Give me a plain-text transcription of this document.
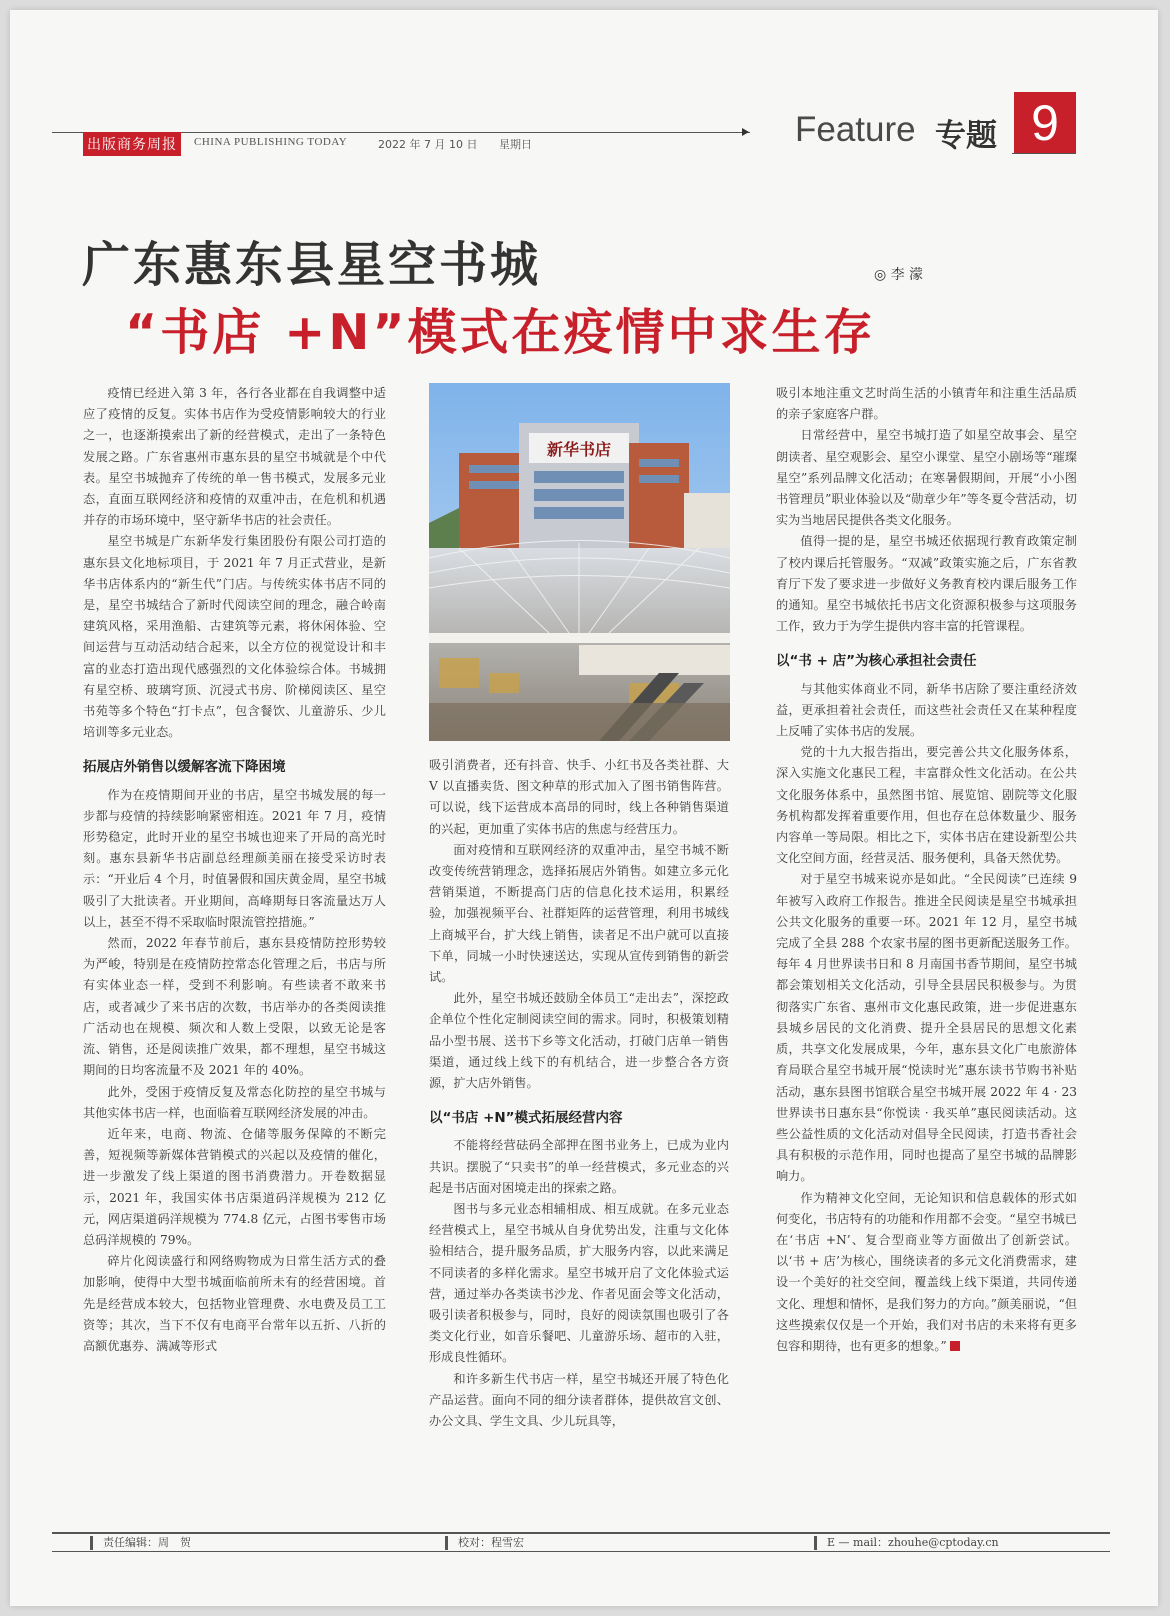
出版商务周报	CHINA PUBLISHING TODAY	2022 年 7 月 10 日 星期日	Feature 专题 9
广东惠东县星空书城
“书店 +N”模式在疫情中求生存
◎ 李 濛

疫情已经进入第 3 年，各行各业都在自我调整中适应了疫情的反复。实体书店作为受疫情影响较大的行业之一，也逐渐摸索出了新的经营模式，走出了一条特色发展之路。广东省惠州市惠东县的星空书城就是个中代表。星空书城抛弃了传统的单一售书模式，发展多元业态，直面互联网经济和疫情的双重冲击，在危机和机遇并存的市场环境中，坚守新华书店的社会责任。

星空书城是广东新华发行集团股份有限公司打造的惠东县文化地标项目，于 2021 年 7 月正式营业，是新华书店体系内的“新生代”门店。与传统实体书店不同的是，星空书城结合了新时代阅读空间的理念，融合岭南建筑风格，采用渔船、古建筑等元素，将休闲体验、空间运营与互动活动结合起来，以全方位的视觉设计和丰富的业态打造出现代感强烈的文化体验综合体。书城拥有星空桥、玻璃穹顶、沉浸式书房、阶梯阅读区、星空书苑等多个特色“打卡点”，包含餐饮、儿童游乐、少儿培训等多元业态。

拓展店外销售以缓解客流下降困境

作为在疫情期间开业的书店，星空书城发展的每一步都与疫情的持续影响紧密相连。2021 年 7 月，疫情形势稳定，此时开业的星空书城也迎来了开局的高光时刻。惠东县新华书店副总经理颜美丽在接受采访时表示：“开业后 4 个月，时值暑假和国庆黄金周，星空书城吸引了大批读者。开业期间，高峰期每日客流量达万人以上，甚至不得不采取临时限流管控措施。”

然而，2022 年春节前后，惠东县疫情防控形势较为严峻，特别是在疫情防控常态化管理之后，书店与所有实体业态一样，受到不利影响。有些读者不敢来书店，或者减少了来书店的次数，书店举办的各类阅读推广活动也在规模、频次和人数上受限，以致无论是客流、销售，还是阅读推广效果，都不理想，星空书城这期间的日均客流量不及 2021 年的 40%。

此外，受困于疫情反复及常态化防控的星空书城与其他实体书店一样，也面临着互联网经济发展的冲击。

近年来，电商、物流、仓储等服务保障的不断完善，短视频等新媒体营销模式的兴起以及疫情的催化，进一步激发了线上渠道的图书消费潜力。开卷数据显示，2021 年，我国实体书店渠道码洋规模为 212 亿元，网店渠道码洋规模为 774.8 亿元，占图书零售市场总码洋规模的 79%。

碎片化阅读盛行和网络购物成为日常生活方式的叠加影响，使得中大型书城面临前所未有的经营困境。首先是经营成本较大，包括物业管理费、水电费及员工工资等；其次，当下不仅有电商平台常年以五折、八折的高额优惠券、满减等形式

新华书店

吸引消费者，还有抖音、快手、小红书及各类社群、大 V 以直播卖货、图文种草的形式加入了图书销售阵营。可以说，线下运营成本高昂的同时，线上各种销售渠道的兴起，更加重了实体书店的焦虑与经营压力。

面对疫情和互联网经济的双重冲击，星空书城不断改变传统营销理念，选择拓展店外销售。如建立多元化营销渠道，不断提高门店的信息化技术运用，积累经验，加强视频平台、社群矩阵的运营管理，利用书城线上商城平台，扩大线上销售，读者足不出户就可以直接下单，同城一小时快速送达，实现从宣传到销售的新尝试。

此外，星空书城还鼓励全体员工“走出去”，深挖政企单位个性化定制阅读空间的需求。同时，积极策划精品小型书展、送书下乡等文化活动，打破门店单一销售渠道，通过线上线下的有机结合，进一步整合各方资源，扩大店外销售。

以“书店 +N”模式拓展经营内容

不能将经营砝码全部押在图书业务上，已成为业内共识。摆脱了“只卖书”的单一经营模式，多元业态的兴起是书店面对困境走出的探索之路。

图书与多元业态相辅相成、相互成就。在多元业态经营模式上，星空书城从自身优势出发，注重与文化体验相结合，提升服务品质，扩大服务内容，以此来满足不同读者的多样化需求。星空书城开启了文化体验式运营，通过举办各类读书沙龙、作者见面会等文化活动，吸引读者积极参与，同时，良好的阅读氛围也吸引了各类文化行业，如音乐餐吧、儿童游乐场、超市的入驻，形成良性循环。

和许多新生代书店一样，星空书城还开展了特色化产品运营。面向不同的细分读者群体，提供故宫文创、办公文具、学生文具、少儿玩具等，

吸引本地注重文艺时尚生活的小镇青年和注重生活品质的亲子家庭客户群。

日常经营中，星空书城打造了如星空故事会、星空朗读者、星空观影会、星空小课堂、星空小剧场等“璀璨星空”系列品牌文化活动；在寒暑假期间，开展“小小图书管理员”职业体验以及“勋章少年”等冬夏令营活动，切实为当地居民提供各类文化服务。

值得一提的是，星空书城还依据现行教育政策定制了校内课后托管服务。“双减”政策实施之后，广东省教育厅下发了要求进一步做好义务教育校内课后服务工作的通知。星空书城依托书店文化资源积极参与这项服务工作，致力于为学生提供内容丰富的托管课程。

以“书 + 店”为核心承担社会责任

与其他实体商业不同，新华书店除了要注重经济效益，更承担着社会责任，而这些社会责任又在某种程度上反哺了实体书店的发展。

党的十九大报告指出，要完善公共文化服务体系，深入实施文化惠民工程，丰富群众性文化活动。在公共文化服务体系中，虽然图书馆、展览馆、剧院等文化服务机构都发挥着重要作用，但也存在总体数量少、服务内容单一等局限。相比之下，实体书店在建设新型公共文化空间方面，经营灵活、服务便利，具备天然优势。

对于星空书城来说亦是如此。“全民阅读”已连续 9 年被写入政府工作报告。推进全民阅读是星空书城承担公共文化服务的重要一环。2021 年 12 月，星空书城完成了全县 288 个农家书屋的图书更新配送服务工作。每年 4 月世界读书日和 8 月南国书香节期间，星空书城都会策划相关文化活动，引导全县居民积极参与。为贯彻落实广东省、惠州市文化惠民政策，进一步促进惠东县城乡居民的文化消费、提升全县居民的思想文化素质，共享文化发展成果，今年，惠东县文化广电旅游体育局联合星空书城开展“悦读时光”惠东读书节购书补贴活动，惠东县图书馆联合星空书城开展 2022 年 4 · 23 世界读书日惠东县“你悦读 · 我买单”惠民阅读活动。这些公益性质的文化活动对倡导全民阅读，打造书香社会具有积极的示范作用，同时也提高了星空书城的品牌影响力。

作为精神文化空间，无论知识和信息载体的形式如何变化，书店特有的功能和作用都不会变。“星空书城已在‘书店 +N’、复合型商业等方面做出了创新尝试。以‘书 + 店’为核心，围绕读者的多元文化消费需求，建设一个美好的社交空间，覆盖线上线下渠道，共同传递文化、理想和情怀，是我们努力的方向。”颜美丽说，“但这些摸索仅仅是一个开始，我们对书店的未来将有更多包容和期待，也有更多的想象。”

责任编辑：周　贺	校对：程雪宏	E — mail：zhouhe@cptoday.cn
